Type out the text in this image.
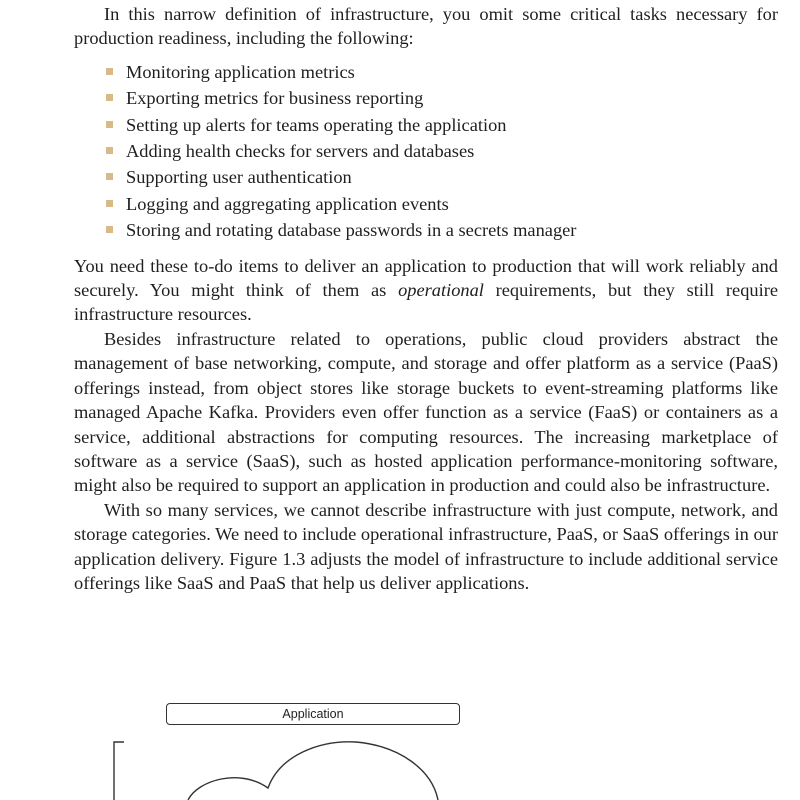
In this narrow definition of infrastructure, you omit some critical tasks necessary for production readiness, including the following:

Monitoring application metrics
Exporting metrics for business reporting
Setting up alerts for teams operating the application
Adding health checks for servers and databases
Supporting user authentication
Logging and aggregating application events
Storing and rotating database passwords in a secrets manager

You need these to-do items to deliver an application to production that will work reliably and securely. You might think of them as operational requirements, but they still require infrastructure resources.

Besides infrastructure related to operations, public cloud providers abstract the management of base networking, compute, and storage and offer platform as a service (PaaS) offerings instead, from object stores like storage buckets to event-streaming platforms like managed Apache Kafka. Providers even offer function as a service (FaaS) or containers as a service, additional abstractions for computing resources. The increasing marketplace of software as a service (SaaS), such as hosted application performance-monitoring software, might also be required to support an application in production and could also be infrastructure.

With so many services, we cannot describe infrastructure with just compute, network, and storage categories. We need to include operational infrastructure, PaaS, or SaaS offerings in our application delivery. Figure 1.3 adjusts the model of infrastructure to include additional service offerings like SaaS and PaaS that help us deliver applications.

Application
